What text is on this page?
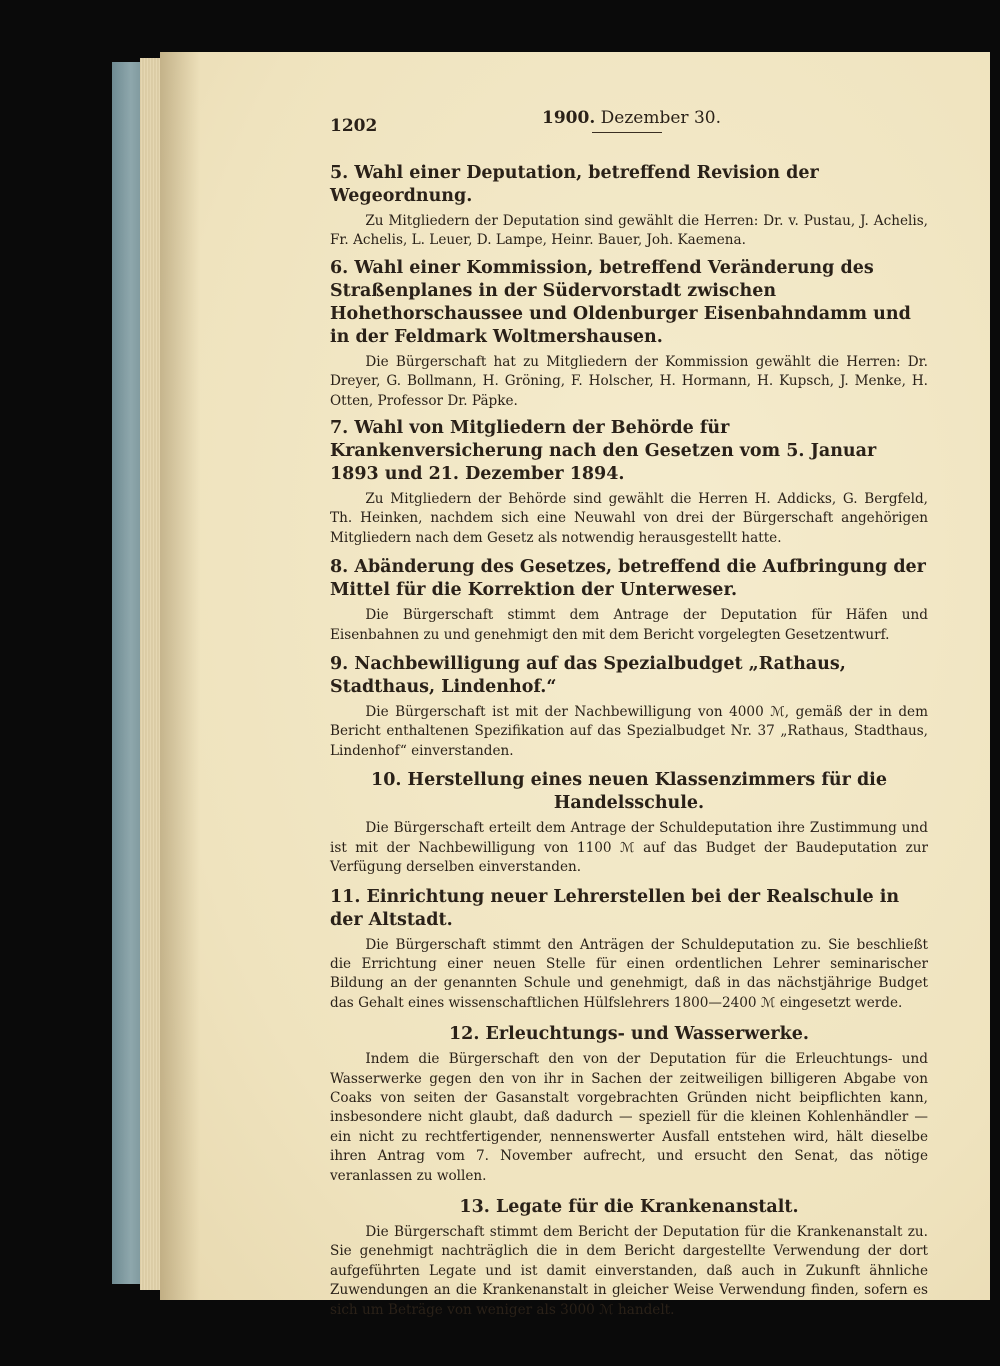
1202	1900. Dezember 30.

5. Wahl einer Deputation, betreffend Revision der Wegeordnung.

Zu Mitgliedern der Deputation sind gewählt die Herren: Dr. v. Pustau, J. Achelis, Fr. Achelis, L. Leuer, D. Lampe, Heinr. Bauer, Joh. Kaemena.

6. Wahl einer Kommission, betreffend Veränderung des Straßenplanes in der Südervorstadt zwischen Hohethorschaussee und Oldenburger Eisenbahndamm und in der Feldmark Woltmershausen.

Die Bürgerschaft hat zu Mitgliedern der Kommission gewählt die Herren: Dr. Dreyer, G. Bollmann, H. Gröning, F. Holscher, H. Hormann, H. Kupsch, J. Menke, H. Otten, Professor Dr. Päpke.

7. Wahl von Mitgliedern der Behörde für Krankenversicherung nach den Gesetzen vom 5. Januar 1893 und 21. Dezember 1894.

Zu Mitgliedern der Behörde sind gewählt die Herren H. Addicks, G. Bergfeld, Th. Heinken, nachdem sich eine Neuwahl von drei der Bürgerschaft angehörigen Mitgliedern nach dem Gesetz als notwendig herausgestellt hatte.

8. Abänderung des Gesetzes, betreffend die Aufbringung der Mittel für die Korrektion der Unterweser.

Die Bürgerschaft stimmt dem Antrage der Deputation für Häfen und Eisenbahnen zu und genehmigt den mit dem Bericht vorgelegten Gesetzentwurf.

9. Nachbewilligung auf das Spezialbudget „Rathaus, Stadthaus, Lindenhof.“

Die Bürgerschaft ist mit der Nachbewilligung von 4000 ℳ, gemäß der in dem Bericht enthaltenen Spezifikation auf das Spezialbudget Nr. 37 „Rathaus, Stadthaus, Lindenhof“ einverstanden.

10. Herstellung eines neuen Klassenzimmers für die Handelsschule.

Die Bürgerschaft erteilt dem Antrage der Schuldeputation ihre Zustimmung und ist mit der Nachbewilligung von 1100 ℳ auf das Budget der Baudeputation zur Verfügung derselben einverstanden.

11. Einrichtung neuer Lehrerstellen bei der Realschule in der Altstadt.

Die Bürgerschaft stimmt den Anträgen der Schuldeputation zu. Sie beschließt die Errichtung einer neuen Stelle für einen ordentlichen Lehrer seminarischer Bildung an der genannten Schule und genehmigt, daß in das nächstjährige Budget das Gehalt eines wissenschaftlichen Hülfslehrers 1800—2400 ℳ eingesetzt werde.

12. Erleuchtungs- und Wasserwerke.

Indem die Bürgerschaft den von der Deputation für die Erleuchtungs- und Wasserwerke gegen den von ihr in Sachen der zeitweiligen billigeren Abgabe von Coaks von seiten der Gasanstalt vorgebrachten Gründen nicht beipflichten kann, insbesondere nicht glaubt, daß dadurch — speziell für die kleinen Kohlenhändler — ein nicht zu rechtfertigender, nennenswerter Ausfall entstehen wird, hält dieselbe ihren Antrag vom 7. November aufrecht, und ersucht den Senat, das nötige veranlassen zu wollen.

13. Legate für die Krankenanstalt.

Die Bürgerschaft stimmt dem Bericht der Deputation für die Krankenanstalt zu. Sie genehmigt nachträglich die in dem Bericht dargestellte Verwendung der dort aufgeführten Legate und ist damit einverstanden, daß auch in Zukunft ähnliche Zuwendungen an die Krankenanstalt in gleicher Weise Verwendung finden, sofern es sich um Beträge von weniger als 3000 ℳ handelt.
